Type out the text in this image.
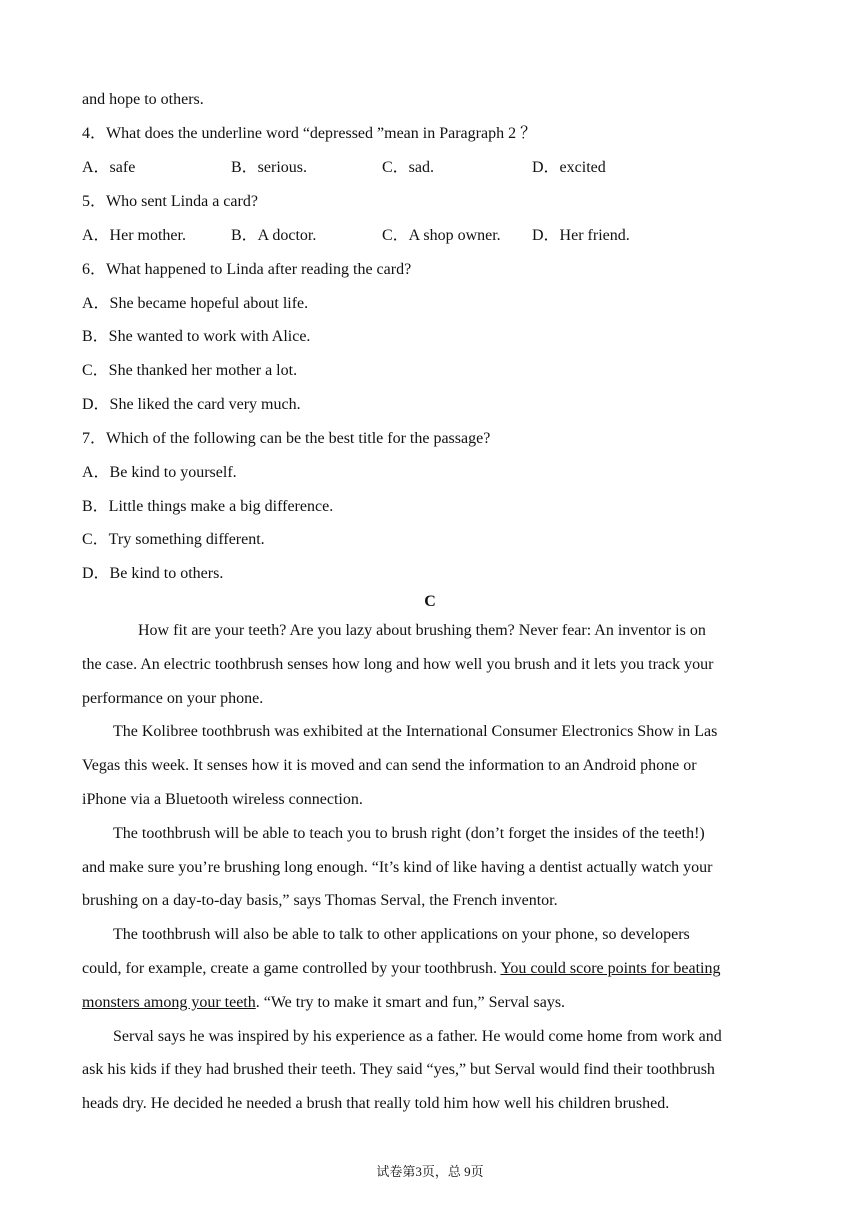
and hope to others.
4．What does the underline word “depressed ”mean in Paragraph 2 ？
A．safe	B．serious.	C．sad.	D．excited
5．Who sent Linda a card?
A．Her mother.	B．A doctor.	C．A shop owner. D．Her friend.
6．What happened to Linda after reading the card?
A．She became hopeful about life.
B．She wanted to work with Alice.
C．She thanked her mother a lot.
D．She liked the card very much.
7．Which of the following can be the best title for the passage?
A．Be kind to yourself.
B．Little things make a big difference.
C．Try something different.
D．Be kind to others.
C
How fit are your teeth? Are you lazy about brushing them? Never fear: An inventor is on
the case. An electric toothbrush senses how long and how well you brush and it lets you track your
performance on your phone.
The Kolibree toothbrush was exhibited at the International Consumer Electronics Show in Las
Vegas this week. It senses how it is moved and can send the information to an Android phone or
iPhone via a Bluetooth wireless connection.
The toothbrush will be able to teach you to brush right (don’t forget the insides of the teeth!)
and make sure you’re brushing long enough. “It’s kind of like having a dentist actually watch your
brushing on a day-to-day basis,” says Thomas Serval, the French inventor.
The toothbrush will also be able to talk to other applications on your phone, so developers
could, for example, create a game controlled by your toothbrush. You could score points for beating
monsters among your teeth. “We try to make it smart and fun,” Serval says.
Serval says he was inspired by his experience as a father. He would come home from work and
ask his kids if they had brushed their teeth. They said “yes,” but Serval would find their toothbrush
heads dry. He decided he needed a brush that really told him how well his children brushed.
试卷第3页，总 9页
